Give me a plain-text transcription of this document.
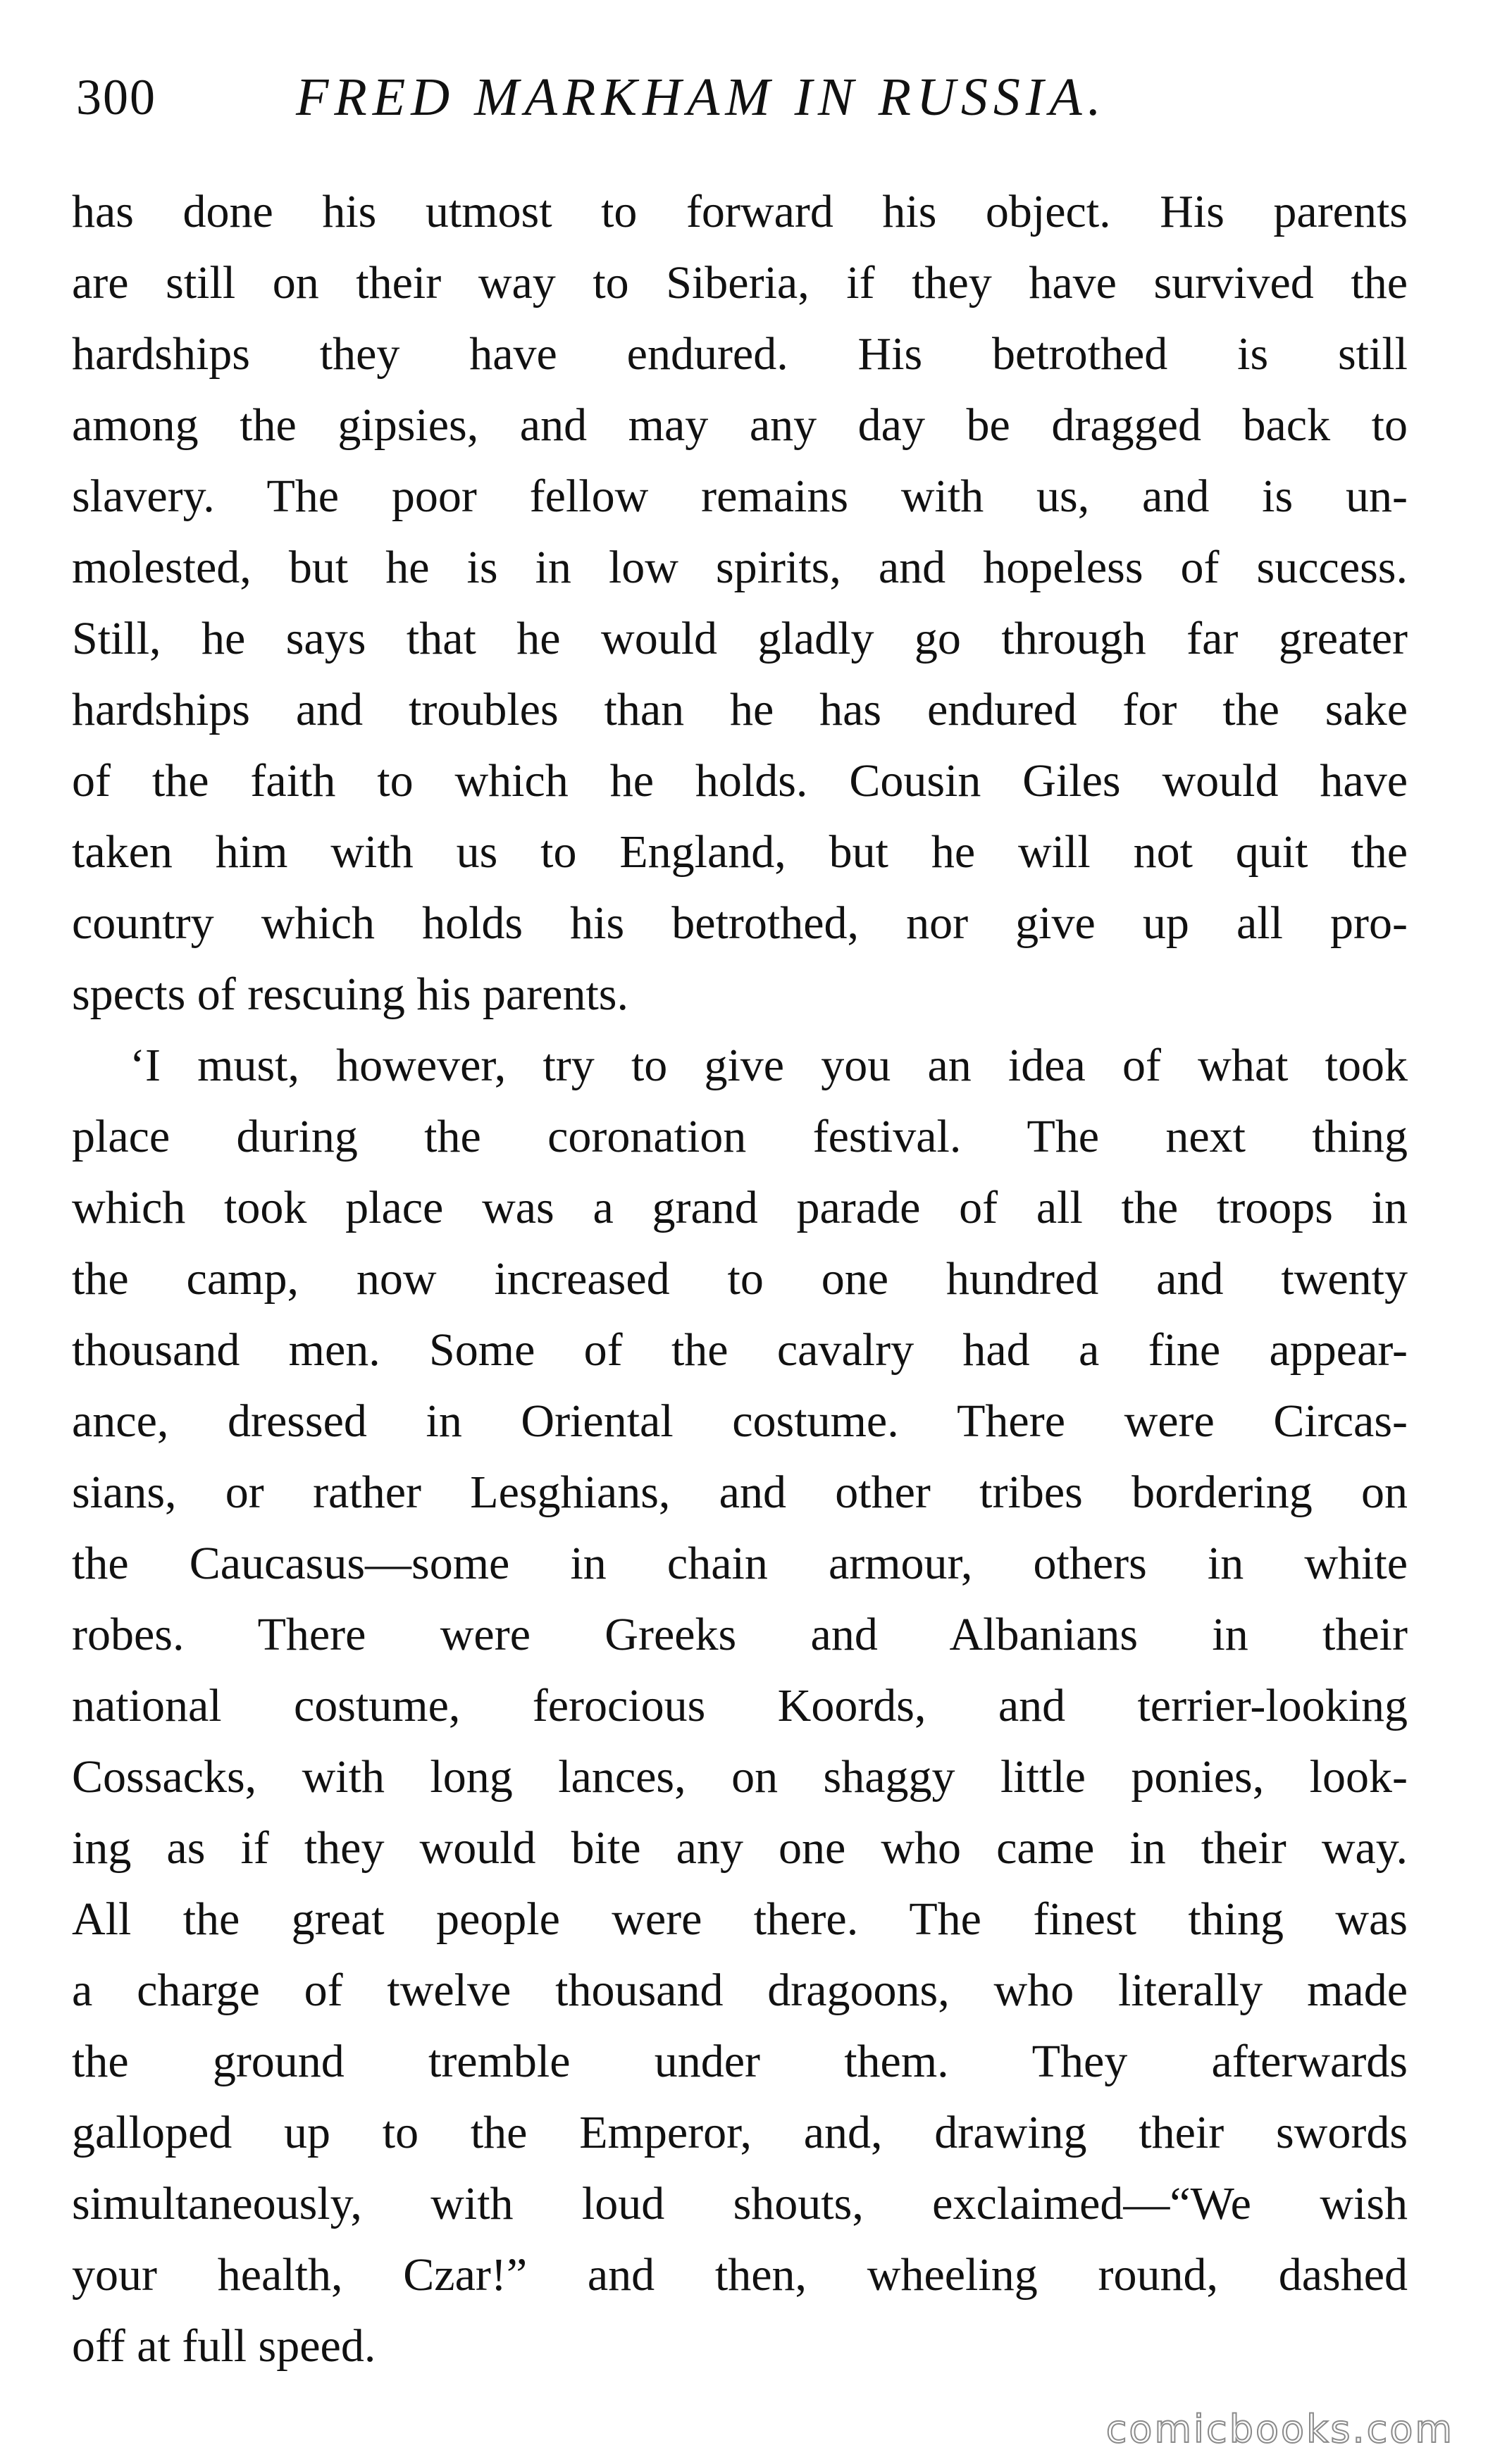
300	FRED MARKHAM IN RUSSIA.
has done his utmost to forward his object. His parents
are still on their way to Siberia, if they have survived the
hardships they have endured. His betrothed is still
among the gipsies, and may any day be dragged back to
slavery. The poor fellow remains with us, and is un-
molested, but he is in low spirits, and hopeless of success.
Still, he says that he would gladly go through far greater
hardships and troubles than he has endured for the sake
of the faith to which he holds. Cousin Giles would have
taken him with us to England, but he will not quit the
country which holds his betrothed, nor give up all pro-
spects of rescuing his parents.
‘I must, however, try to give you an idea of what took
place during the coronation festival. The next thing
which took place was a grand parade of all the troops in
the camp, now increased to one hundred and twenty
thousand men. Some of the cavalry had a fine appear-
ance, dressed in Oriental costume. There were Circas-
sians, or rather Lesghians, and other tribes bordering on
the Caucasus—some in chain armour, others in white
robes. There were Greeks and Albanians in their
national costume, ferocious Koords, and terrier-looking
Cossacks, with long lances, on shaggy little ponies, look-
ing as if they would bite any one who came in their way.
All the great people were there. The finest thing was
a charge of twelve thousand dragoons, who literally made
the ground tremble under them. They afterwards
galloped up to the Emperor, and, drawing their swords
simultaneously, with loud shouts, exclaimed—“We wish
your health, Czar!” and then, wheeling round, dashed
off at full speed.
comicbooks.com
